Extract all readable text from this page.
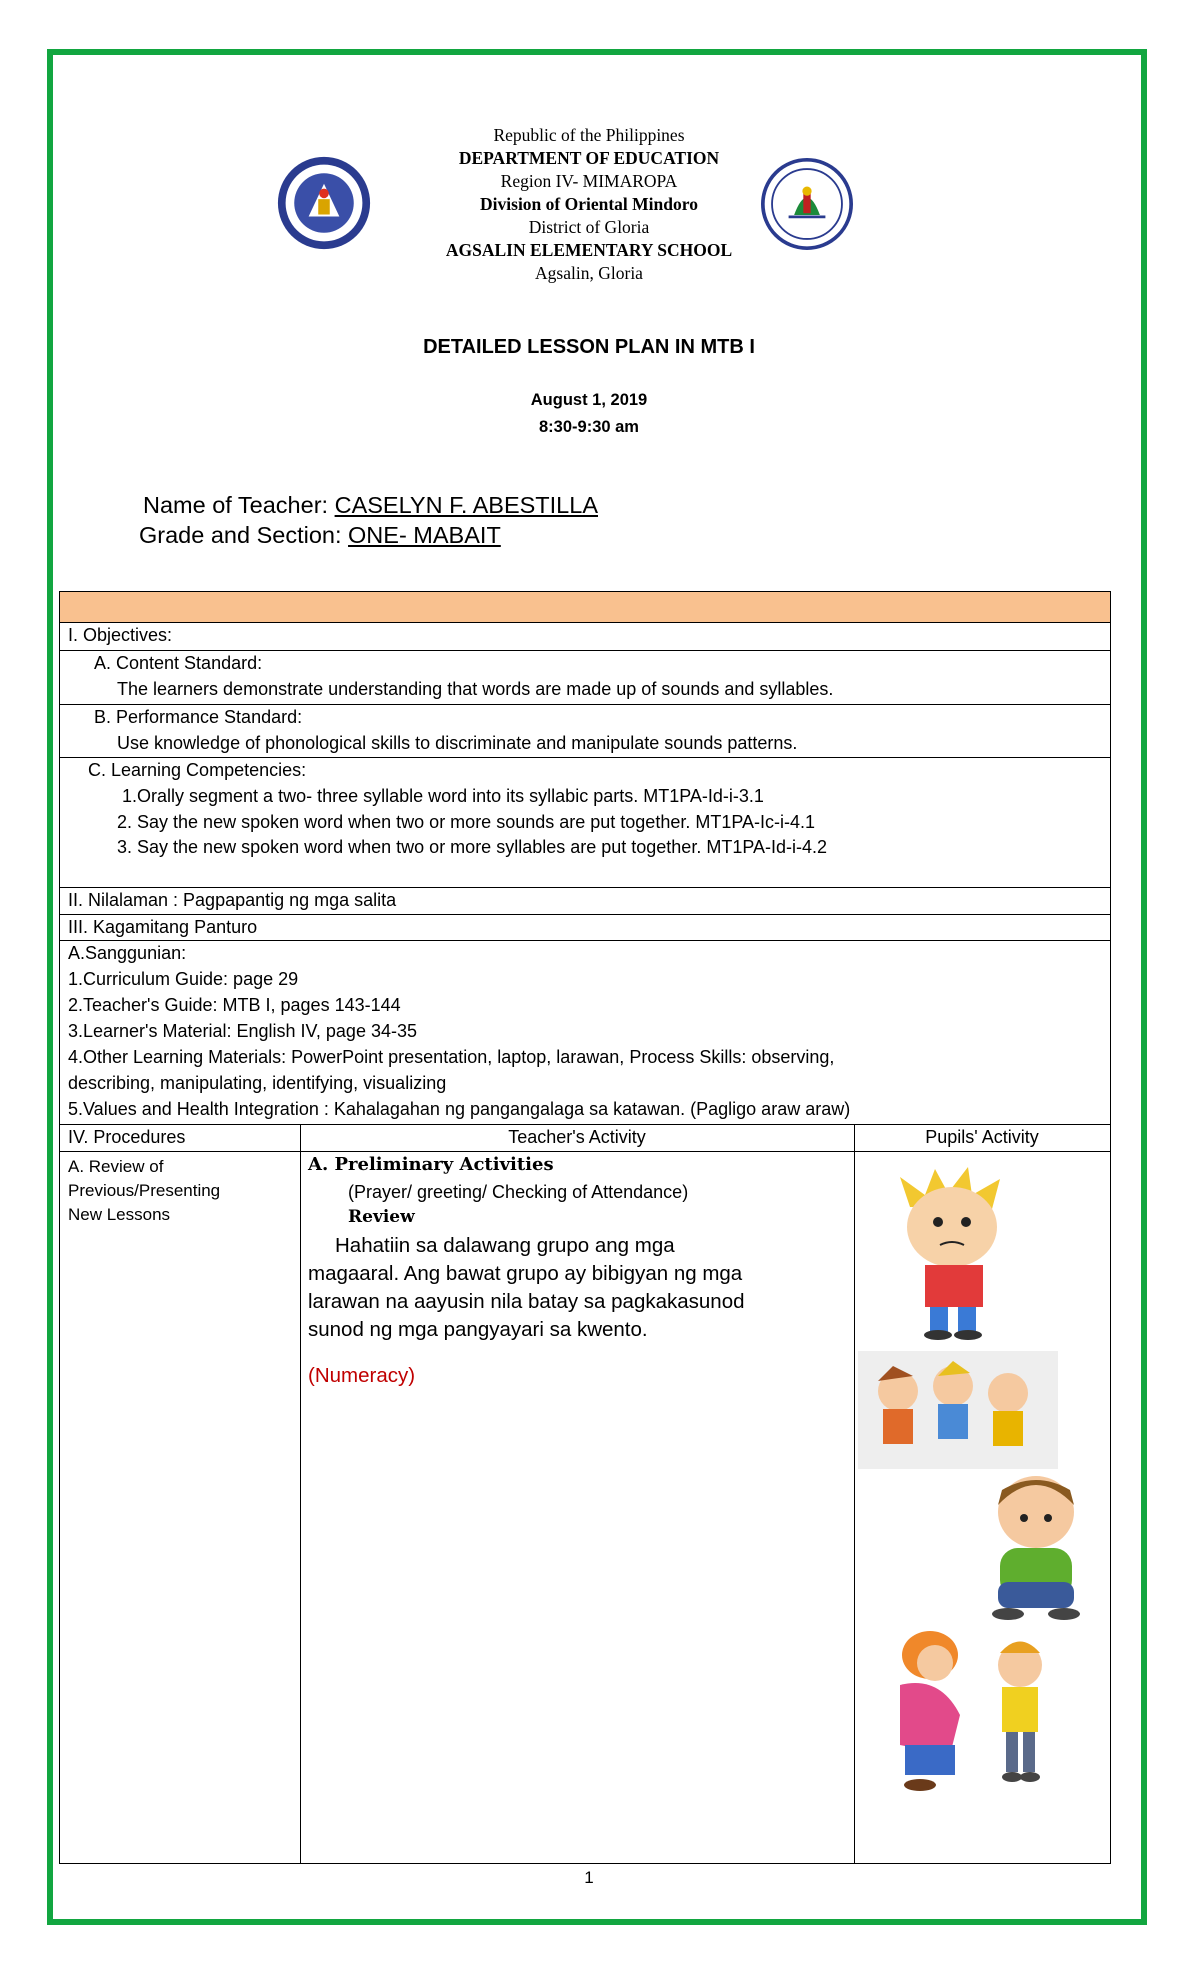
Republic of the Philippines
DEPARTMENT OF EDUCATION
Region IV- MIMAROPA
Division of Oriental Mindoro
District of Gloria
AGSALIN ELEMENTARY SCHOOL
Agsalin, Gloria
DETAILED LESSON PLAN IN MTB I
August 1, 2019
8:30-9:30 am
Name of Teacher: CASELYN F. ABESTILLA
Grade and Section: ONE- MABAIT
I. Objectives:
A. Content Standard:
The learners demonstrate understanding that words are made up of sounds and syllables.
B. Performance Standard:
Use knowledge of phonological skills to discriminate and manipulate sounds patterns.
C. Learning Competencies:
1.Orally segment a two- three syllable word into its syllabic parts. MT1PA-Id-i-3.1
2. Say the new spoken word when two or more sounds are put together. MT1PA-Ic-i-4.1
3. Say the new spoken word when two or more syllables are put together. MT1PA-Id-i-4.2
II. Nilalaman : Pagpapantig ng mga salita
III. Kagamitang Panturo
A.Sanggunian:
1.Curriculum Guide: page 29
2.Teacher's Guide: MTB I, pages 143-144
3.Learner's Material: English IV, page 34-35
4.Other Learning Materials: PowerPoint presentation, laptop, larawan, Process Skills: observing,
describing, manipulating, identifying, visualizing
5.Values and Health Integration : Kahalagahan ng pangangalaga sa katawan. (Pagligo araw araw)
IV. Procedures	Teacher's Activity	Pupils' Activity
A. Review of
Previous/Presenting
New Lessons
A. Preliminary Activities
(Prayer/ greeting/ Checking of Attendance)
Review
Hahatiin sa dalawang grupo ang mga
magaaral. Ang bawat grupo ay bibigyan ng mga
larawan na aayusin nila batay sa pagkakasunod
sunod ng mga pangyayari sa kwento.
(Numeracy)
1
